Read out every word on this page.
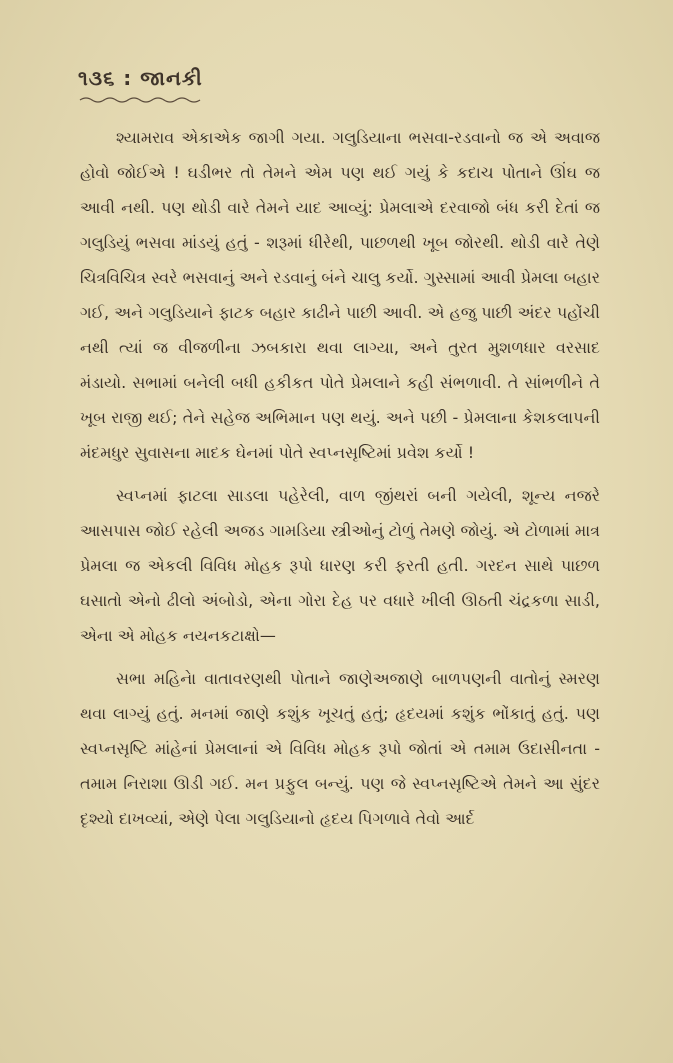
૧૩૬ : જાનકી

શ્યામરાવ એકાએક જાગી ગયા. ગલુડિયાના ભસવા-રડવાનો જ એ અવાજ હોવો જોઈએ ! ઘડીભર તો તેમને એમ પણ થઈ ગયું કે કદાચ પોતાને ઊંઘ જ આવી નથી. પણ થોડી વારે તેમને યાદ આવ્યું: પ્રેમલાએ દરવાજો બંધ કરી દેતાં જ ગલુડિયું ભસવા માંડયું હતું - શરૂમાં ધીરેથી, પાછળથી ખૂબ જોરથી. થોડી વારે તેણે ચિત્રવિચિત્ર સ્વરે ભસવાનું અને રડવાનું બંને ચાલુ કર્યો. ગુસ્સામાં આવી પ્રેમલા બહાર ગઈ, અને ગલુડિયાને ફાટક બહાર કાઢીને પાછી આવી. એ હજુ પાછી અંદર પહોંચી નથી ત્યાં જ વીજળીના ઝબકારા થવા લાગ્યા, અને તુરત મુશળધાર વરસાદ મંડાયો. સભામાં બનેલી બધી હકીકત પોતે પ્રેમલાને કહી સંભળાવી. તે સાંભળીને તે ખૂબ રાજી થઈ; તેને સહેજ અભિમાન પણ થયું. અને પછી - પ્રેમલાના કેશકલાપની મંદમધુર સુવાસના માદક ઘેનમાં પોતે સ્વપ્નસૃષ્ટિમાં પ્રવેશ કર્યો !

સ્વપ્નમાં ફાટલા સાડલા પહેરેલી, વાળ જીંથરાં બની ગયેલી, શૂન્ય નજરે આસપાસ જોઈ રહેલી અજડ ગામડિયા સ્ત્રીઓનું ટોળું તેમણે જોયું. એ ટોળામાં માત્ર પ્રેમલા જ એકલી વિવિધ મોહક રૂપો ધારણ કરી ફરતી હતી. ગરદન સાથે પાછળ ઘસાતો એનો ઢીલો અંબોડો, એના ગોરા દેહ પર વધારે ખીલી ઊઠતી ચંદ્રકળા સાડી, એના એ મોહક નયનકટાક્ષો—

સભા મહિનેા વાતાવરણથી પોતાને જાણેઅજાણે બાળપણની વાતોનું સ્મરણ થવા લાગ્યું હતું. મનમાં જાણે કશુંક ખૂચતું હતું; હૃદયમાં કશુંક ભોંકાતું હતું. પણ સ્વપ્નસૃષ્ટિ માંહેનાં પ્રેમલાનાં એ વિવિધ મોહક રૂપો જોતાં એ તમામ ઉદાસીનતા - તમામ નિરાશા ઊડી ગઈ. મન પ્રફુલ બન્યું. પણ જે સ્વપ્નસૃષ્ટિએ તેમને આ સુંદર દૃશ્યો દાખવ્યાં, એણે પેલા ગલુડિયાનો હૃદય પિગળાવે તેવો આર્દ
